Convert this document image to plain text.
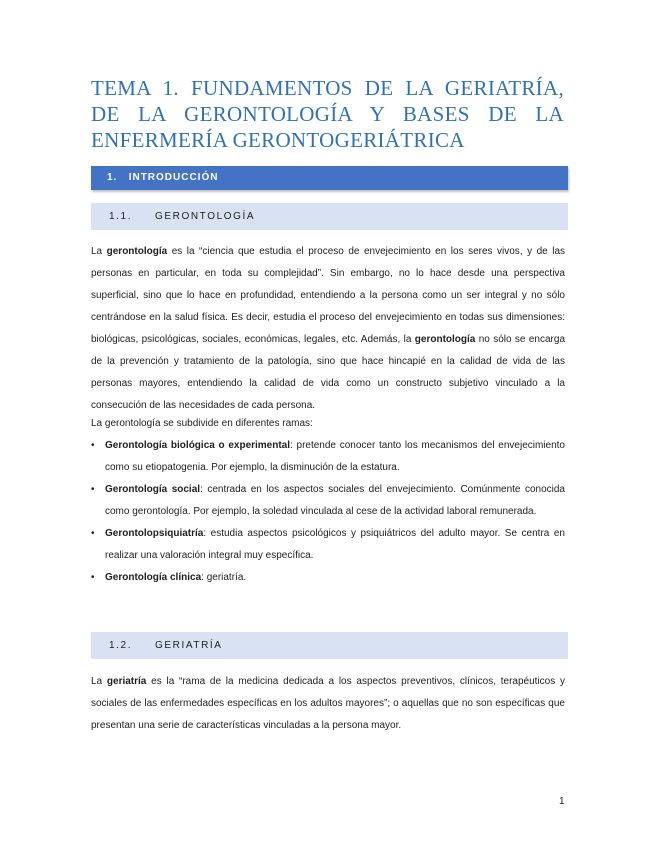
TEMA 1. FUNDAMENTOS DE LA GERIATRÍA, DE LA GERONTOLOGÍA Y BASES DE LA ENFERMERÍA GERONTOGERIÁTRICA
1. INTRODUCCIÓN
1.1. GERONTOLOGÍA

La gerontología es la “ciencia que estudia el proceso de envejecimiento en los seres vivos, y de las personas en particular, en toda su complejidad”. Sin embargo, no lo hace desde una perspectiva superficial, sino que lo hace en profundidad, entendiendo a la persona como un ser integral y no sólo centrándose en la salud física. Es decir, estudia el proceso del envejecimiento en todas sus dimensiones: biológicas, psicológicas, sociales, económicas, legales, etc. Además, la gerontología no sólo se encarga de la prevención y tratamiento de la patología, sino que hace hincapié en la calidad de vida de las personas mayores, entendiendo la calidad de vida como un constructo subjetivo vinculado a la consecución de las necesidades de cada persona.

La gerontología se subdivide en diferentes ramas:

• Gerontología biológica o experimental: pretende conocer tanto los mecanismos del envejecimiento como su etiopatogenia. Por ejemplo, la disminución de la estatura.
• Gerontología social: centrada en los aspectos sociales del envejecimiento. Comúnmente conocida como gerontología. Por ejemplo, la soledad vinculada al cese de la actividad laboral remunerada.
• Gerontolopsiquiatría: estudia aspectos psicológicos y psiquiátricos del adulto mayor. Se centra en realizar una valoración integral muy específica.
• Gerontología clínica: geriatría.
1.2. GERIATRÍA

La geriatría es la “rama de la medicina dedicada a los aspectos preventivos, clínicos, terapéuticos y sociales de las enfermedades específicas en los adultos mayores”; o aquellas que no son específicas que presentan una serie de características vinculadas a la persona mayor.

1
